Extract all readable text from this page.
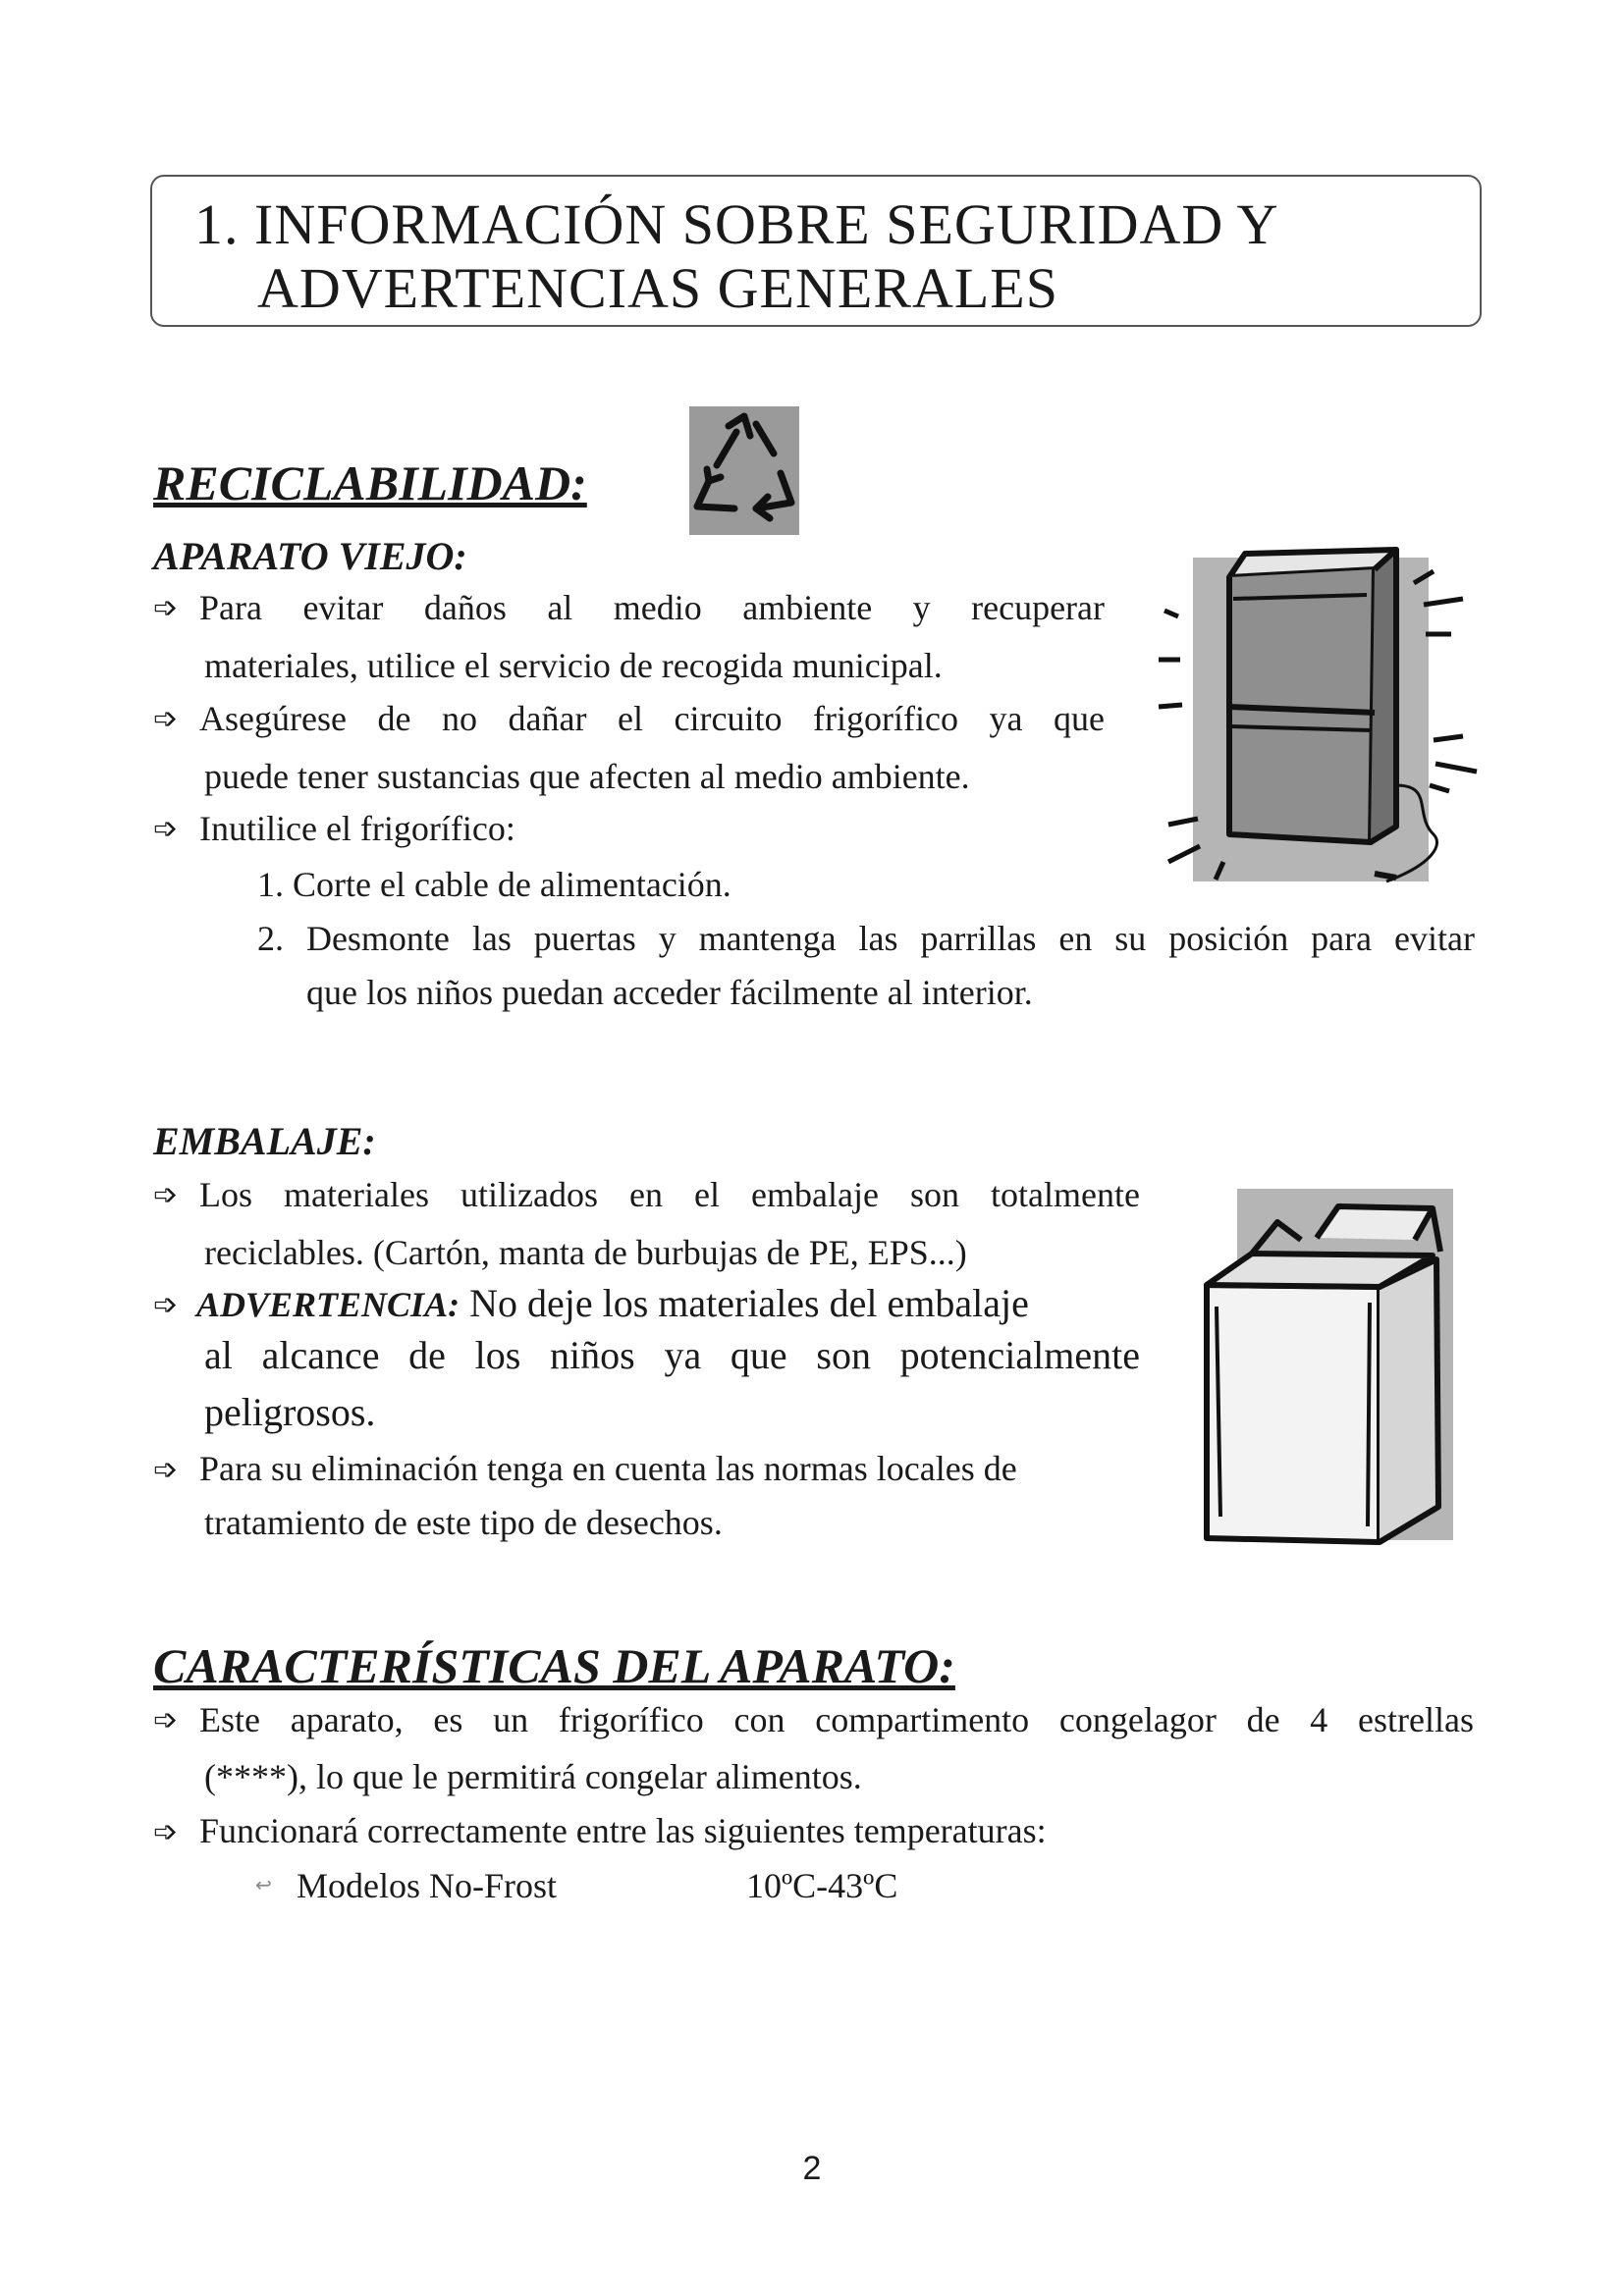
1. INFORMACIÓN SOBRE SEGURIDAD Y
ADVERTENCIAS GENERALES
RECICLABILIDAD:
APARATO VIEJO:
➩ Para evitar daños al medio ambiente y recuperar
materiales, utilice el servicio de recogida municipal.
➩ Asegúrese de no dañar el circuito frigorífico ya que
puede tener sustancias que afecten al medio ambiente.
➩ Inutilice el frigorífico:
1. Corte el cable de alimentación.
2. Desmonte las puertas y mantenga las parrillas en su posición para evitar
que los niños puedan acceder fácilmente al interior.
EMBALAJE:
➩ Los materiales utilizados en el embalaje son totalmente
reciclables. (Cartón, manta de burbujas de PE, EPS...)
➩ ADVERTENCIA: No deje los materiales del embalaje
al alcance de los niños ya que son potencialmente
peligrosos.
➩ Para su eliminación tenga en cuenta las normas locales de
tratamiento de este tipo de desechos.
CARACTERÍSTICAS DEL APARATO:
➩ Este aparato, es un frigorífico con compartimento congelagor de 4 estrellas
(****), lo que le permitirá congelar alimentos.
➩ Funcionará correctamente entre las siguientes temperaturas:
↩ Modelos No-Frost	10ºC-43ºC
2
